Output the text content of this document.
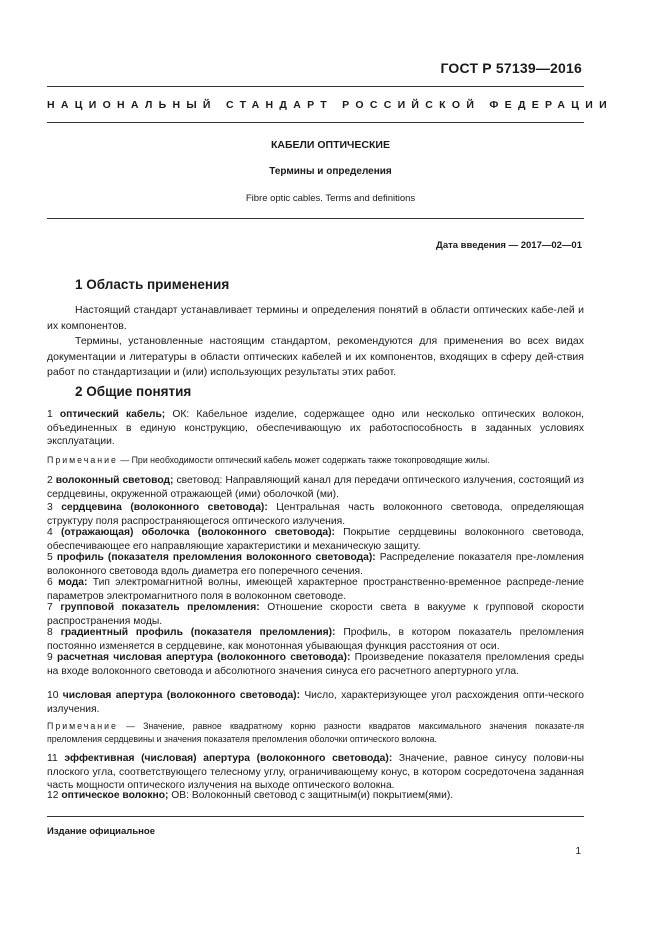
ГОСТ Р 57139—2016
НАЦИОНАЛЬНЫЙ СТАНДАРТ РОССИЙСКОЙ ФЕДЕРАЦИИ
КАБЕЛИ ОПТИЧЕСКИЕ
Термины и определения
Fibre optic cables. Terms and definitions
Дата введения — 2017—02—01
1 Область применения
Настоящий стандарт устанавливает термины и определения понятий в области оптических кабе-лей и их компонентов.
Термины, установленные настоящим стандартом, рекомендуются для применения во всех видах документации и литературы в области оптических кабелей и их компонентов, входящих в сферу дей-ствия работ по стандартизации и (или) использующих результаты этих работ.
2 Общие понятия
1 оптический кабель; ОК: Кабельное изделие, содержащее одно или несколько оптических волокон, объединенных в единую конструкцию, обеспечивающую их работоспособность в заданных условиях эксплуатации.
Примечание — При необходимости оптический кабель может содержать также токопроводящие жилы.
2 волоконный световод; световод: Направляющий канал для передачи оптического излучения, состоящий из сердцевины, окруженной отражающей (ими) оболочкой (ми).
3 сердцевина (волоконного световода): Центральная часть волоконного световода, определяющая структуру поля распространяющегося оптического излучения.
4 (отражающая) оболочка (волоконного световода): Покрытие сердцевины волоконного световода, обеспечивающее его направляющие характеристики и механическую защиту.
5 профиль (показателя преломления волоконного световода): Распределение показателя пре-ломления волоконного световода вдоль диаметра его поперечного сечения.
6 мода: Тип электромагнитной волны, имеющей характерное пространственно-временное распреде-ление параметров электромагнитного поля в волоконном световоде.
7 групповой показатель преломления: Отношение скорости света в вакууме к групповой скорости распространения моды.
8 градиентный профиль (показателя преломления): Профиль, в котором показатель преломления постоянно изменяется в сердцевине, как монотонная убывающая функция расстояния от оси.
9 расчетная числовая апертура (волоконного световода): Произведение показателя преломления среды на входе волоконного световода и абсолютного значения синуса его расчетного апертурного угла.
10 числовая апертура (волоконного световода): Число, характеризующее угол расхождения опти-ческого излучения.
Примечание — Значение, равное квадратному корню разности квадратов максимального значения показате-ля преломления сердцевины и значения показателя преломления оболочки оптического волокна.
11 эффективная (числовая) апертура (волоконного световода): Значение, равное синусу полови-ны плоского угла, соответствующего телесному углу, ограничивающему конус, в котором сосредоточена заданная часть мощности оптического излучения на выходе оптического волокна.
12 оптическое волокно; ОВ: Волоконный световод с защитным(и) покрытием(ями).
Издание официальное
1
